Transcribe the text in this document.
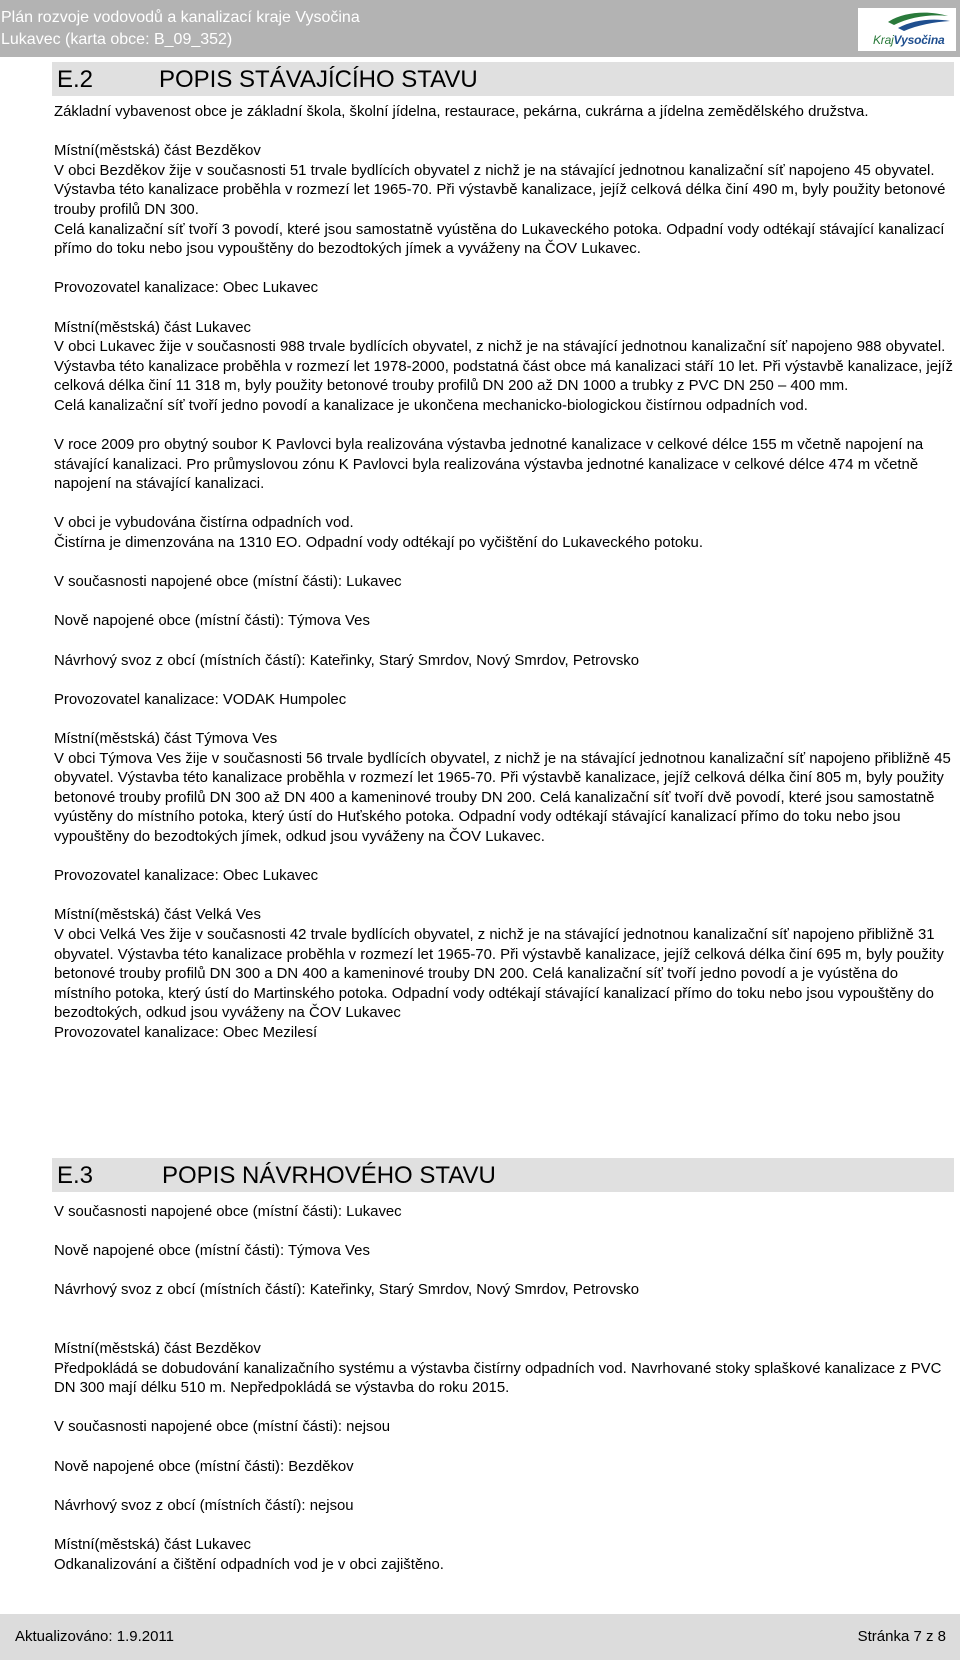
Plán rozvoje vodovodů a kanalizací kraje Vysočina
Lukavec (karta obce: B_09_352)	KrajVysočina
E.2	POPIS STÁVAJÍCÍHO STAVU

Základní vybavenost obce je základní škola, školní jídelna, restaurace, pekárna, cukrárna a jídelna zemědělského družstva.

Místní(městská) část Bezděkov

V obci Bezděkov žije v současnosti 51 trvale bydlících obyvatel z nichž je na stávající jednotnou kanalizační síť napojeno 45 obyvatel. Výstavba této kanalizace proběhla v rozmezí let 1965-70. Při výstavbě kanalizace, jejíž celková délka činí 490 m, byly použity betonové trouby profilů DN 300.

Celá kanalizační síť tvoří 3 povodí, které jsou samostatně vyústěna do Lukaveckého potoka. Odpadní vody odtékají stávající kanalizací přímo do toku nebo jsou vypouštěny do bezodtokých jímek a vyváženy na ČOV Lukavec.

Provozovatel kanalizace: Obec Lukavec

Místní(městská) část Lukavec

V obci Lukavec žije v současnosti 988 trvale bydlících obyvatel, z nichž je na stávající jednotnou kanalizační síť napojeno 988 obyvatel. Výstavba této kanalizace proběhla v rozmezí let 1978-2000, podstatná část obce má kanalizaci stáří 10 let. Při výstavbě kanalizace, jejíž celková délka činí 11 318 m, byly použity betonové trouby profilů DN 200 až DN 1000 a trubky z PVC DN 250 – 400 mm.

Celá kanalizační síť tvoří jedno povodí a kanalizace je ukončena mechanicko-biologickou čistírnou odpadních vod.

V roce 2009 pro obytný soubor K Pavlovci byla realizována výstavba jednotné kanalizace v celkové délce 155 m včetně napojení na stávající kanalizaci. Pro průmyslovou zónu K Pavlovci byla realizována výstavba jednotné kanalizace v celkové délce 474 m včetně napojení na stávající kanalizaci.

V obci je vybudována čistírna odpadních vod.

Čistírna je dimenzována na 1310 EO. Odpadní vody odtékají po vyčištění do Lukaveckého potoku.

V současnosti napojené obce (místní části): Lukavec

Nově napojené obce (místní části): Týmova Ves

Návrhový svoz z obcí (místních částí): Kateřinky, Starý Smrdov, Nový Smrdov, Petrovsko

Provozovatel kanalizace: VODAK Humpolec

Místní(městská) část Týmova Ves

V obci Týmova Ves žije v současnosti 56 trvale bydlících obyvatel, z nichž je na stávající jednotnou kanalizační síť napojeno přibližně 45 obyvatel. Výstavba této kanalizace proběhla v rozmezí let 1965-70. Při výstavbě kanalizace, jejíž celková délka činí 805 m, byly použity betonové trouby profilů DN 300 až DN 400 a kameninové trouby DN 200. Celá kanalizační síť tvoří dvě povodí, které jsou samostatně vyústěny do místního potoka, který ústí do Huťského potoka. Odpadní vody odtékají stávající kanalizací přímo do toku nebo jsou vypouštěny do bezodtokých jímek, odkud jsou vyváženy na ČOV Lukavec.

Provozovatel kanalizace: Obec Lukavec

Místní(městská) část Velká Ves

V obci Velká Ves žije v současnosti 42 trvale bydlících obyvatel, z nichž je na stávající jednotnou kanalizační síť napojeno přibližně 31 obyvatel. Výstavba této kanalizace proběhla v rozmezí let 1965-70. Při výstavbě kanalizace, jejíž celková délka činí 695 m, byly použity betonové trouby profilů DN 300 a DN 400 a kameninové trouby DN 200. Celá kanalizační síť tvoří jedno povodí a je vyústěna do místního potoka, který ústí do Martinského potoka. Odpadní vody odtékají stávající kanalizací přímo do toku nebo jsou vypouštěny do bezodtokých, odkud jsou vyváženy na ČOV Lukavec

Provozovatel kanalizace: Obec Mezilesí

E.3	POPIS NÁVRHOVÉHO STAVU

V současnosti napojené obce (místní části): Lukavec

Nově napojené obce (místní části): Týmova Ves

Návrhový svoz z obcí (místních částí): Kateřinky, Starý Smrdov, Nový Smrdov, Petrovsko

Místní(městská) část Bezděkov

Předpokládá se dobudování kanalizačního systému a výstavba čistírny odpadních vod. Navrhované stoky splaškové kanalizace z PVC DN 300 mají délku 510 m. Nepředpokládá se výstavba do roku 2015.

V současnosti napojené obce (místní části): nejsou

Nově napojené obce (místní části): Bezděkov

Návrhový svoz z obcí (místních částí): nejsou

Místní(městská) část Lukavec

Odkanalizování a čištění odpadních vod je v obci zajištěno.

Aktualizováno: 1.9.2011	Stránka 7 z 8
